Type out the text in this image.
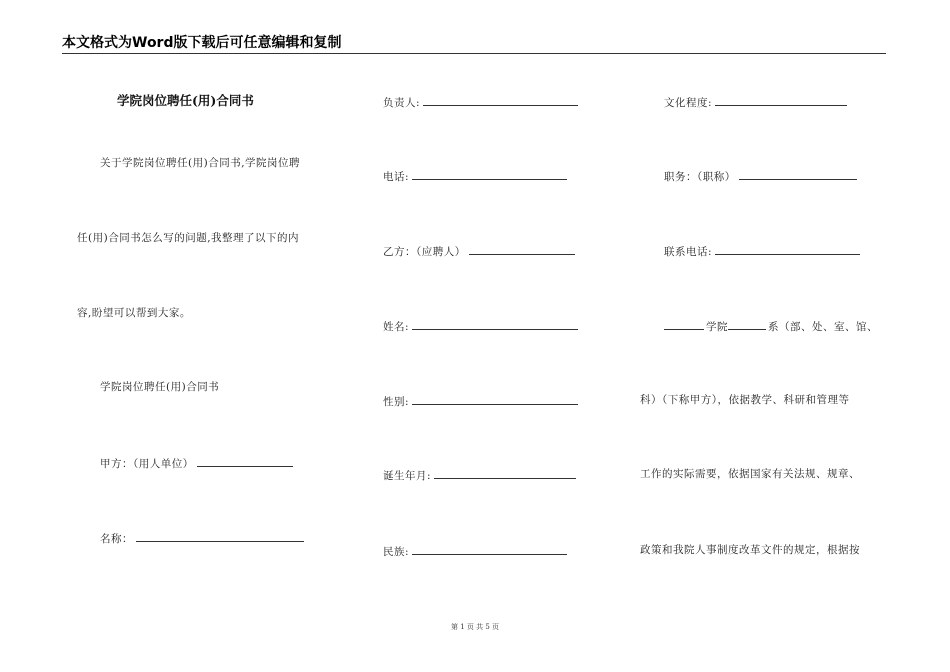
本文格式为Word版下载后可任意编辑和复制
学院岗位聘任(用)合同书
关于学院岗位聘任(用)合同书,学院岗位聘
任(用)合同书怎么写的问题,我整理了以下的内
容,盼望可以帮到大家。
学院岗位聘任(用)合同书
甲方：（用人单位）
名称：
负责人:
电话:
乙方：（应聘人）
姓名:
性别:
诞生年月:
民族:
文化程度:
职务：（职称）
联系电话:
学院	系（部、处、室、馆、
科）（下称甲方），依据教学、科研和管理等
工作的实际需要，依据国家有关法规、规章、
政策和我院人事制度改革文件的规定，根据按
第 1 页 共 5 页
